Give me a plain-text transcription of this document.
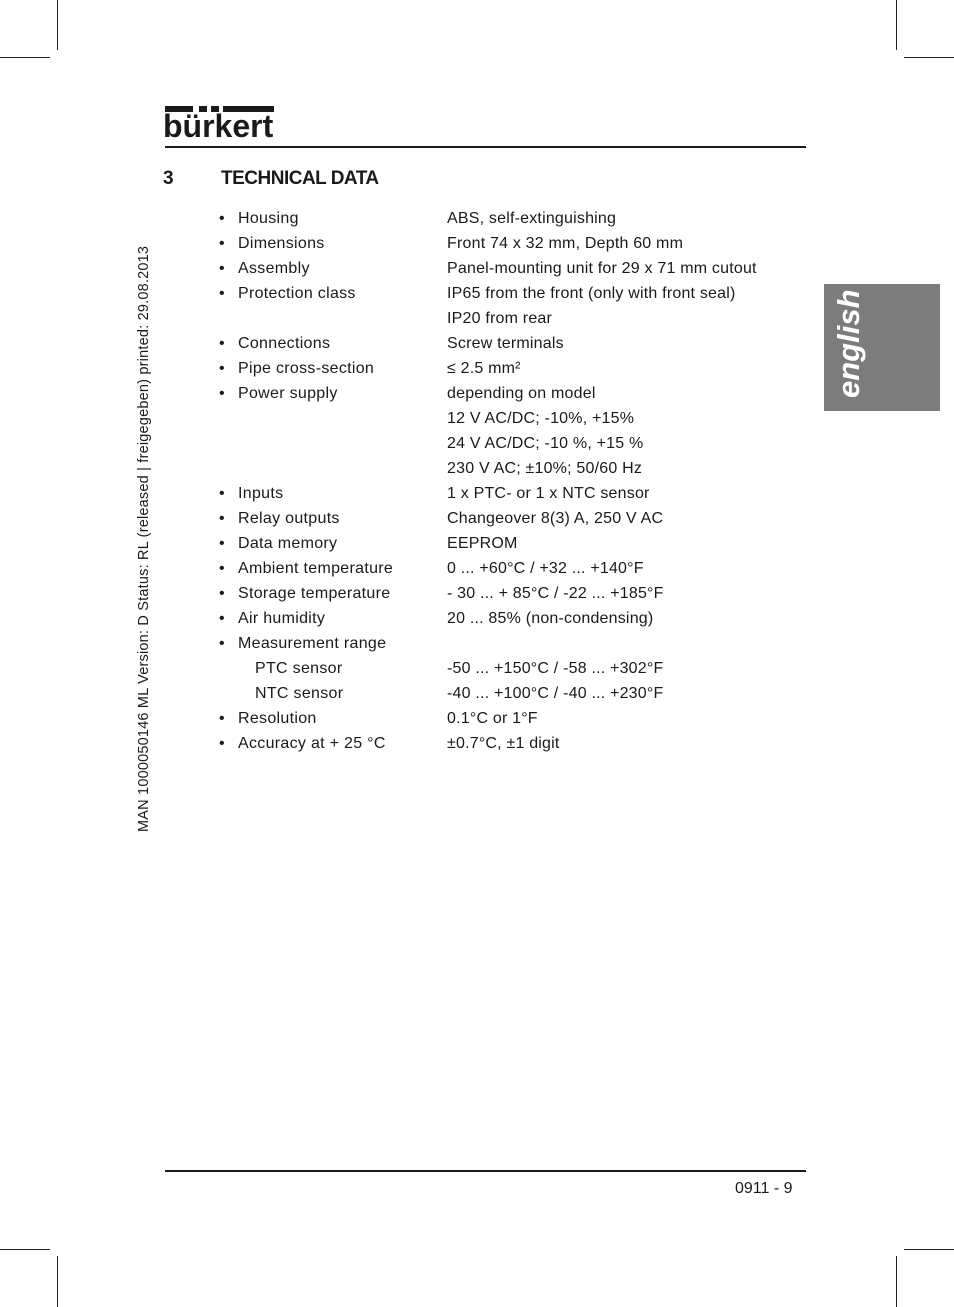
bürkert
3 TECHNICAL DATA
MAN 1000050146 ML Version: D Status: RL (released | freigegeben) printed: 29.08.2013	english
• Housing	ABS, self-extinguishing
• Dimensions	Front 74 x 32 mm, Depth 60 mm
• Assembly	Panel-mounting unit for 29 x 71 mm cutout
• Protection class	IP65 from the front (only with front seal)
IP20 from rear
• Connections	Screw terminals
• Pipe cross-section	≤ 2.5 mm²
• Power supply	depending on model
12 V AC/DC; -10%, +15%
24 V AC/DC; -10 %, +15 %
230 V AC; ±10%; 50/60 Hz
• Inputs	1 x PTC- or 1 x NTC sensor
• Relay outputs	Changeover 8(3) A, 250 V AC
• Data memory	EEPROM
• Ambient temperature	0 ... +60°C / +32 ... +140°F
• Storage temperature	- 30 ... + 85°C / -22 ... +185°F
• Air humidity	20 ... 85% (non-condensing)
• Measurement range
PTC sensor	-50 ... +150°C / -58 ... +302°F
NTC sensor	-40 ... +100°C / -40 ... +230°F
• Resolution	0.1°C or 1°F
• Accuracy at + 25 °C	±0.7°C, ±1 digit
0911 - 9
